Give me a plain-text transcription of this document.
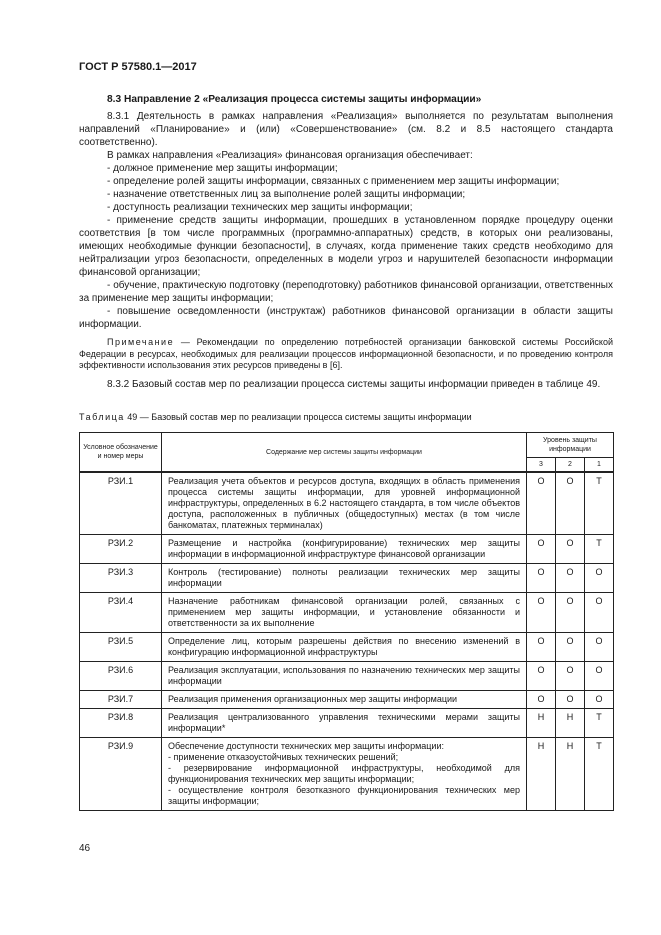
ГОСТ Р 57580.1—2017
8.3 Направление 2 «Реализация процесса системы защиты информации»

8.3.1 Деятельность в рамках направления «Реализация» выполняется по результатам выполнения направлений «Планирование» и (или) «Совершенствование» (см. 8.2 и 8.5 настоящего стандарта соответственно).

В рамках направления «Реализация» финансовая организация обеспечивает:

- должное применение мер защиты информации;

- определение ролей защиты информации, связанных с применением мер защиты информации;

- назначение ответственных лиц за выполнение ролей защиты информации;

- доступность реализации технических мер защиты информации;

- применение средств защиты информации, прошедших в установленном порядке процедуру оценки соответствия [в том числе программных (программно-аппаратных) средств, в которых они реализованы, имеющих необходимые функции безопасности], в случаях, когда применение таких средств необходимо для нейтрализации угроз безопасности, определенных в модели угроз и нарушителей безопасности информации финансовой организации;

- обучение, практическую подготовку (переподготовку) работников финансовой организации, ответственных за применение мер защиты информации;

- повышение осведомленности (инструктаж) работников финансовой организации в области защиты информации.

Примечание — Рекомендации по определению потребностей организации банковской системы Российской Федерации в ресурсах, необходимых для реализации процессов информационной безопасности, и по проведению контроля эффективности использования этих ресурсов приведены в [6].

8.3.2 Базовый состав мер по реализации процесса системы защиты информации приведен в таблице 49.

Таблица 49 — Базовый состав мер по реализации процесса системы защиты информации
Условное обозначение и номер меры	Содержание мер системы защиты информации	Уровень защиты информации		
		3	2	1
РЗИ.1	Реализация учета объектов и ресурсов доступа, входящих в область применения процесса системы защиты информации, для уровней информационной инфраструктуры, определенных в 6.2 настоящего стандарта, в том числе объектов доступа, расположенных в публичных (общедоступных) местах (в том числе банкоматах, платежных терминалах)	О	О	Т
РЗИ.2	Размещение и настройка (конфигурирование) технических мер защиты информации в информационной инфраструктуре финансовой организации	О	О	Т
РЗИ.3	Контроль (тестирование) полноты реализации технических мер защиты информации	О	О	О
РЗИ.4	Назначение работникам финансовой организации ролей, связанных с применением мер защиты информации, и установление обязанности и ответственности за их выполнение	О	О	О
РЗИ.5	Определение лиц, которым разрешены действия по внесению изменений в конфигурацию информационной инфраструктуры	О	О	О
РЗИ.6	Реализация эксплуатации, использования по назначению технических мер защиты информации	О	О	О
РЗИ.7	Реализация применения организационных мер защиты информации	О	О	О
РЗИ.8	Реализация централизованного управления техническими мерами защиты информации*	Н	Н	Т
РЗИ.9	Обеспечение доступности технических мер защиты информации:
- применение отказоустойчивых технических решений;
- резервирование информационной инфраструктуры, необходимой для функционирования технических мер защиты информации;
- осуществление контроля безотказного функционирования технических мер защиты информации;	Н	Н	Т
46
